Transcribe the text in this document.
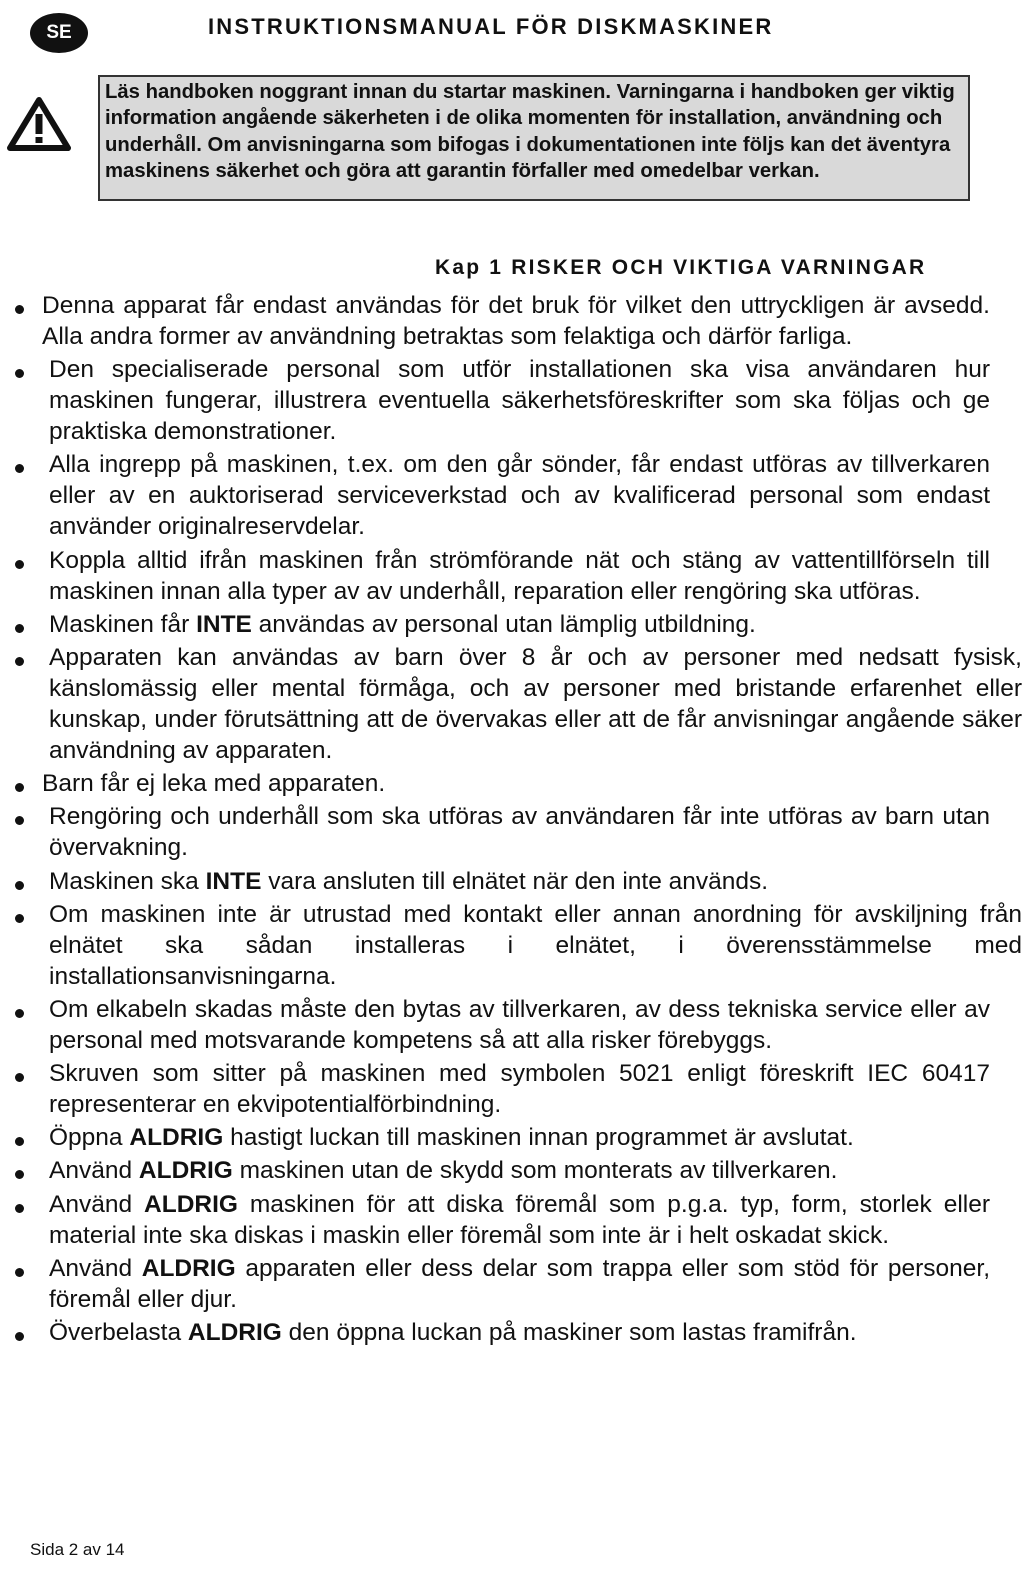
SE	INSTRUKTIONSMANUAL FÖR DISKMASKINER
Läs handboken noggrant innan du startar maskinen. Varningarna i handboken ger viktig information angående säkerheten i de olika momenten för installation, användning och underhåll. Om anvisningarna som bifogas i dokumentationen inte följs kan det äventyra maskinens säkerhet och göra att garantin förfaller med omedelbar verkan.
Kap 1 RISKER OCH VIKTIGA VARNINGAR
Denna apparat får endast användas för det bruk för vilket den uttryckligen är avsedd. Alla andra former av användning betraktas som felaktiga och därför farliga.
Den specialiserade personal som utför installationen ska visa användaren hur maskinen fungerar, illustrera eventuella säkerhetsföreskrifter som ska följas och ge praktiska demonstrationer.
Alla ingrepp på maskinen, t.ex. om den går sönder, får endast utföras av tillverkaren eller av en auktoriserad serviceverkstad och av kvalificerad personal som endast använder originalreservdelar.
Koppla alltid ifrån maskinen från strömförande nät och stäng av vattentillförseln till maskinen innan alla typer av av underhåll, reparation eller rengöring ska utföras.
Maskinen får INTE användas av personal utan lämplig utbildning.
Apparaten kan användas av barn över 8 år och av personer med nedsatt fysisk, känslomässig eller mental förmåga, och av personer med bristande erfarenhet eller kunskap, under förutsättning att de övervakas eller att de får anvisningar angående säker användning av apparaten.
Barn får ej leka med apparaten.
Rengöring och underhåll som ska utföras av användaren får inte utföras av barn utan övervakning.
Maskinen ska INTE vara ansluten till elnätet när den inte används.
Om maskinen inte är utrustad med kontakt eller annan anordning för avskiljning från elnätet ska sådan installeras i elnätet, i överensstämmelse med installationsanvisningarna.
Om elkabeln skadas måste den bytas av tillverkaren, av dess tekniska service eller av personal med motsvarande kompetens så att alla risker förebyggs.
Skruven som sitter på maskinen med symbolen 5021 enligt föreskrift IEC 60417 representerar en ekvipotentialförbindning.
Öppna ALDRIG hastigt luckan till maskinen innan programmet är avslutat.
Använd ALDRIG maskinen utan de skydd som monterats av tillverkaren.
Använd ALDRIG maskinen för att diska föremål som p.g.a. typ, form, storlek eller material inte ska diskas i maskin eller föremål som inte är i helt oskadat skick.
Använd ALDRIG apparaten eller dess delar som trappa eller som stöd för personer, föremål eller djur.
Överbelasta ALDRIG den öppna luckan på maskiner som lastas framifrån.
Sida 2 av 14
